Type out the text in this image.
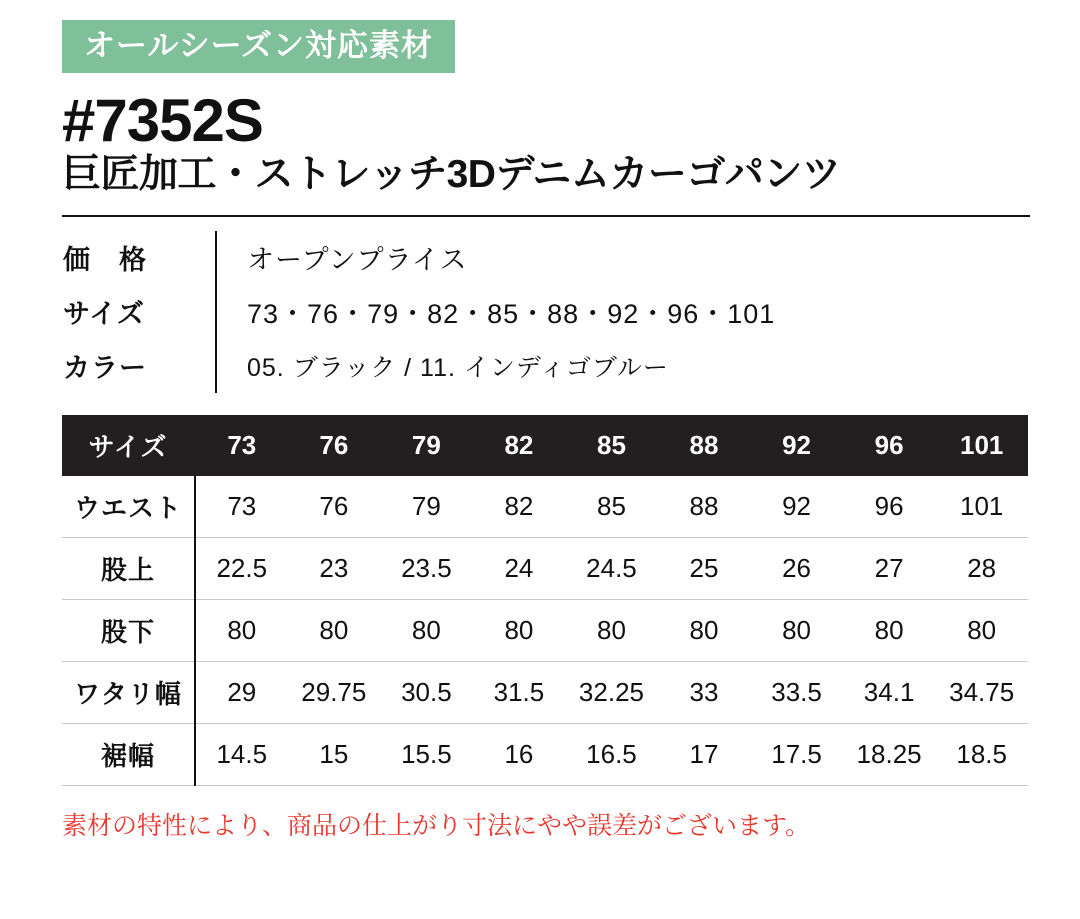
オールシーズン対応素材
#7352S
巨匠加工・ストレッチ3Dデニムカーゴパンツ
価　格		オープンプライス
サイズ		73・76・79・82・85・88・92・96・101
カラー		05. ブラック / 11. インディゴブルー
サイズ	73	76	79	82	85	88	92	96	101
ウエスト	73	76	79	82	85	88	92	96	101
股上	22.5	23	23.5	24	24.5	25	26	27	28
股下	80	80	80	80	80	80	80	80	80
ワタリ幅	29	29.75	30.5	31.5	32.25	33	33.5	34.1	34.75
裾幅	14.5	15	15.5	16	16.5	17	17.5	18.25	18.5
素材の特性により、商品の仕上がり寸法にやや誤差がございます。
